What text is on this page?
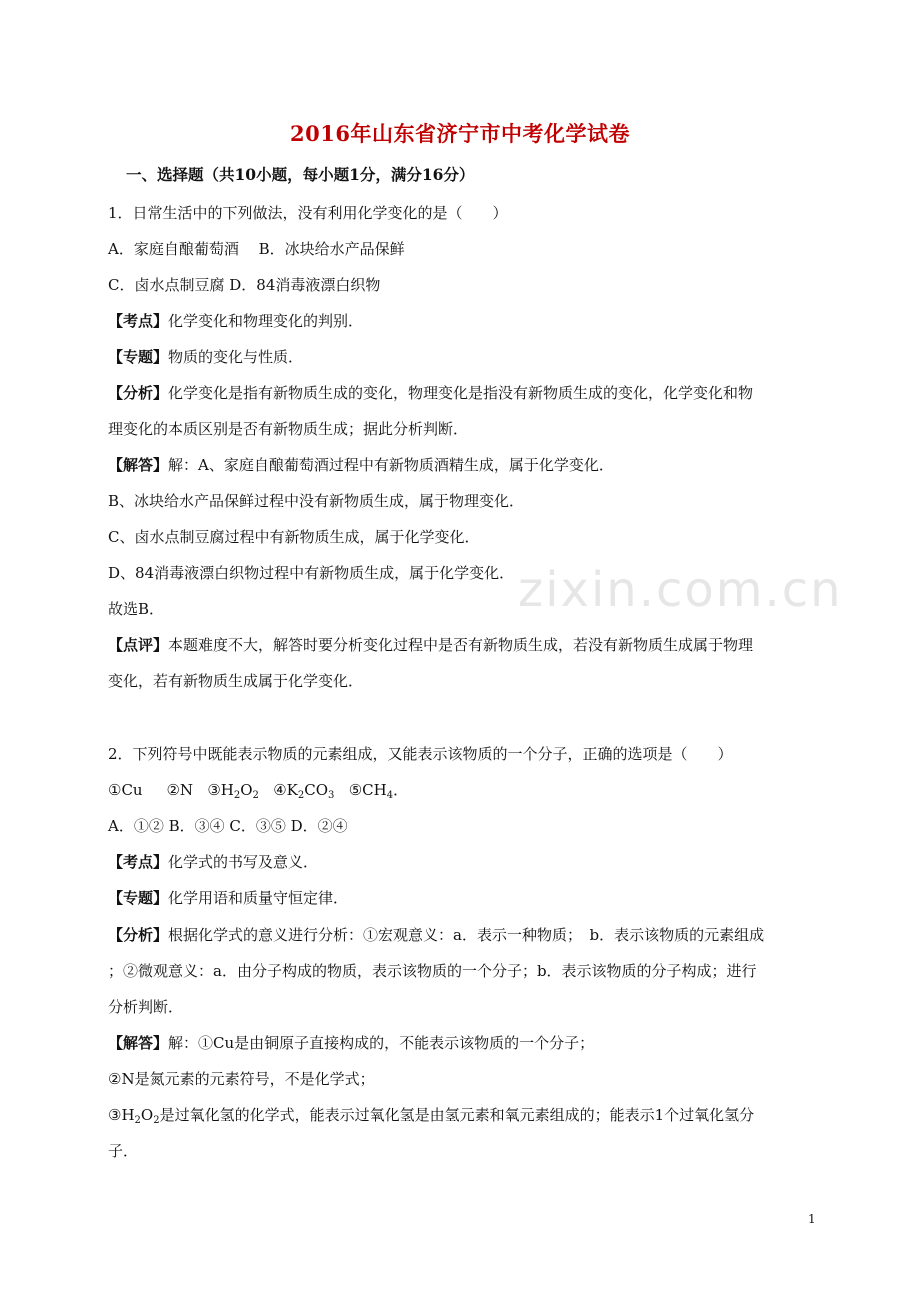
zixin.com.cn
2016年山东省济宁市中考化学试卷
一、选择题（共10小题，每小题1分，满分16分）
1．日常生活中的下列做法，没有利用化学变化的是（　　）
A．家庭自酿葡萄酒　 B．冰块给水产品保鲜
C．卤水点制豆腐 D．84消毒液漂白织物
【考点】化学变化和物理变化的判别．
【专题】物质的变化与性质．
【分析】化学变化是指有新物质生成的变化，物理变化是指没有新物质生成的变化，化学变化和物
理变化的本质区别是否有新物质生成；据此分析判断．
【解答】解：A、家庭自酿葡萄酒过程中有新物质酒精生成，属于化学变化．
B、冰块给水产品保鲜过程中没有新物质生成，属于物理变化．
C、卤水点制豆腐过程中有新物质生成，属于化学变化．
D、84消毒液漂白织物过程中有新物质生成，属于化学变化．
故选B．
【点评】本题难度不大，解答时要分析变化过程中是否有新物质生成，若没有新物质生成属于物理
变化，若有新物质生成属于化学变化．
2．下列符号中既能表示物质的元素组成，又能表示该物质的一个分子，正确的选项是（　　）
①Cu ②N $③H_2O_2$ $④K_2CO_3$ $⑤CH_4$．
A．①② B．③④ C．③⑤ D．②④
【考点】化学式的书写及意义．
【专题】化学用语和质量守恒定律．
【分析】根据化学式的意义进行分析：①宏观意义：a．表示一种物质；　b．表示该物质的元素组成
；②微观意义：a．由分子构成的物质，表示该物质的一个分子；b．表示该物质的分子构成；进行
分析判断．
【解答】解：①Cu是由铜原子直接构成的，不能表示该物质的一个分子；
②N是氮元素的元素符号，不是化学式；
$③H_2O_2$是过氧化氢的化学式，能表示过氧化氢是由氢元素和氧元素组成的；能表示1个过氧化氢分
子．
1
